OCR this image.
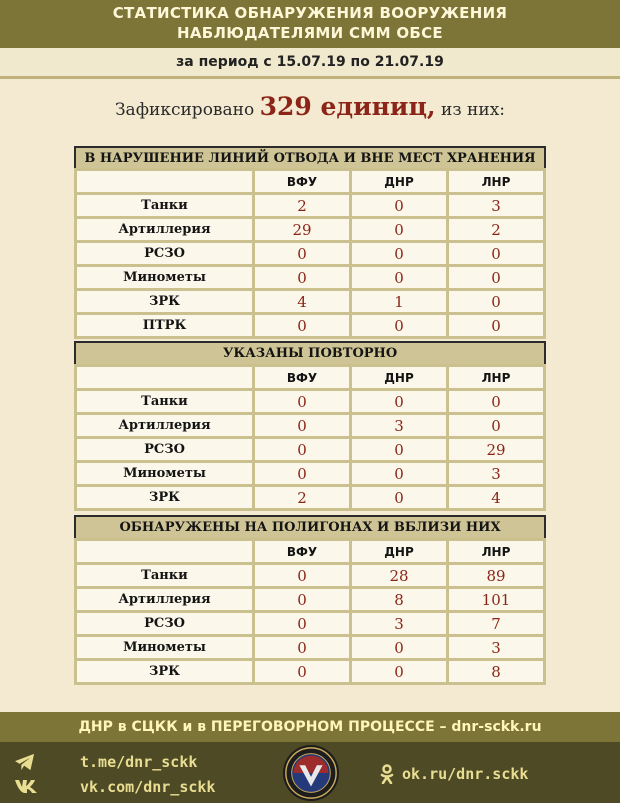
СТАТИСТИКА ОБНАРУЖЕНИЯ ВООРУЖЕНИЯ
НАБЛЮДАТЕЛЯМИ СММ ОБСЕ
за период с 15.07.19 по 21.07.19
Зафиксировано 329 единиц, из них:
В НАРУШЕНИЕ ЛИНИЙ ОТВОДА И ВНЕ МЕСТ ХРАНЕНИЯ
	ВФУ	ДНР	ЛНР
Танки	2	0	3
Артиллерия	29	0	2
РСЗО	0	0	0
Минометы	0	0	0
ЗРК	4	1	0
ПТРК	0	0	0
УКАЗАНЫ ПОВТОРНО
	ВФУ	ДНР	ЛНР
Танки	0	0	0
Артиллерия	0	3	0
РСЗО	0	0	29
Минометы	0	0	3
ЗРК	2	0	4
ОБНАРУЖЕНЫ НА ПОЛИГОНАХ И ВБЛИЗИ НИХ
	ВФУ	ДНР	ЛНР
Танки	0	28	89
Артиллерия	0	8	101
РСЗО	0	3	7
Минометы	0	0	3
ЗРК	0	0	8
ДНР в СЦКК и в ПЕРЕГОВОРНОМ ПРОЦЕССЕ – dnr-sckk.ru
t.me/dnr_sckk
vk.com/dnr_sckk
ok.ru/dnr.sckk
